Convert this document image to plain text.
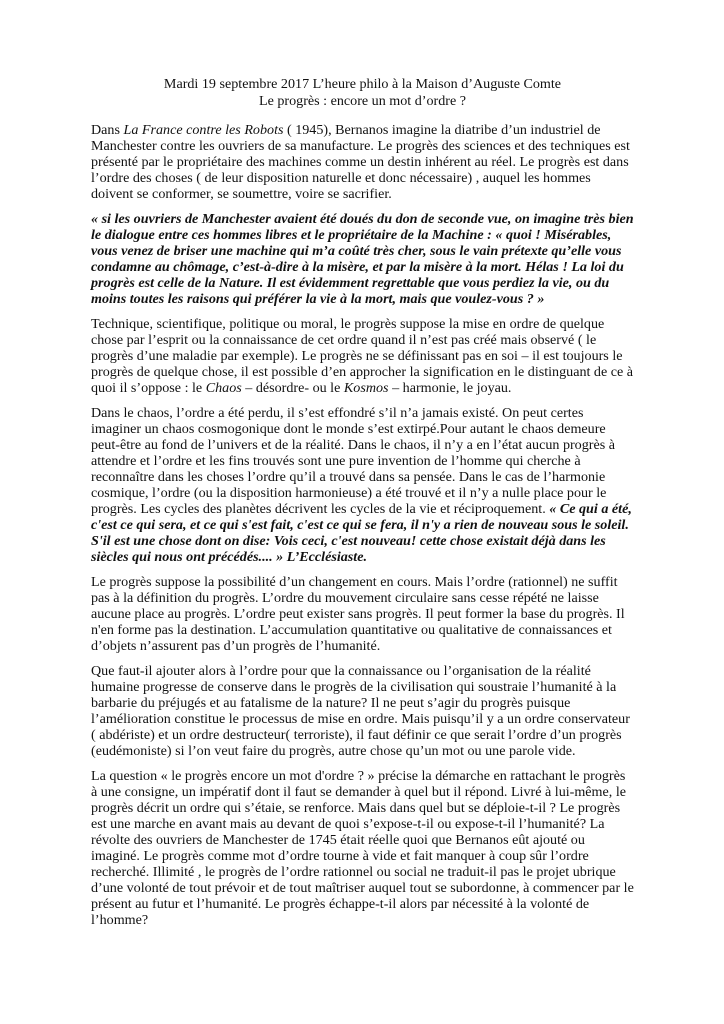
Mardi 19 septembre 2017 L’heure philo à la Maison d’Auguste Comte
Le progrès : encore un mot d’ordre ?

Dans La France contre les Robots ( 1945), Bernanos imagine la diatribe d’un industriel de Manchester contre les ouvriers de sa manufacture. Le progrès des sciences et des techniques est présenté par le propriétaire des machines comme un destin inhérent au réel. Le progrès est dans l’ordre des choses ( de leur disposition naturelle et donc nécessaire) , auquel les hommes doivent se conformer, se soumettre, voire se sacrifier.

« si les ouvriers de Manchester avaient été doués du don de seconde vue, on imagine très bien le dialogue entre ces hommes libres et le propriétaire de la Machine : « quoi ! Misérables, vous venez de briser une machine qui m’a coûté très cher, sous le vain prétexte qu’elle vous condamne au chômage, c’est-à-dire à la misère, et par la misère à la mort. Hélas ! La loi du progrès est celle de la Nature. Il est évidemment regrettable que vous perdiez la vie, ou du moins toutes les raisons qui préférer la vie à la mort, mais que voulez-vous ? »

Technique, scientifique, politique ou moral, le progrès suppose la mise en ordre de quelque chose par l’esprit ou la connaissance de cet ordre quand il n’est pas créé mais observé ( le progrès d’une maladie par exemple). Le progrès ne se définissant pas en soi – il est toujours le progrès de quelque chose, il est possible d’en approcher la signification en le distinguant de ce à quoi il s’oppose : le Chaos – désordre- ou le Kosmos – harmonie, le joyau.

Dans le chaos, l’ordre a été perdu, il s’est effondré s’il n’a jamais existé. On peut certes imaginer un chaos cosmogonique dont le monde s’est extirpé.Pour autant le chaos demeure peut-être au fond de l’univers et de la réalité. Dans le chaos, il n’y a en l’état aucun progrès à attendre et l’ordre et les fins trouvés sont une pure invention de l’homme qui cherche à reconnaître dans les choses l’ordre qu’il a trouvé dans sa pensée. Dans le cas de l’harmonie cosmique, l’ordre (ou la disposition harmonieuse) a été trouvé et il n’y a nulle place pour le progrès. Les cycles des planètes décrivent les cycles de la vie et réciproquement. « Ce qui a été, c'est ce qui sera, et ce qui s'est fait, c'est ce qui se fera, il n'y a rien de nouveau sous le soleil. S'il est une chose dont on dise: Vois ceci, c'est nouveau! cette chose existait déjà dans les siècles qui nous ont précédés.... » L’Ecclésiaste.

Le progrès suppose la possibilité d’un changement en cours. Mais l’ordre (rationnel) ne suffit pas à la définition du progrès. L’ordre du mouvement circulaire sans cesse répété ne laisse aucune place au progrès. L’ordre peut exister sans progrès. Il peut former la base du progrès. Il n'en forme pas la destination. L’accumulation quantitative ou qualitative de connaissances et d’objets n’assurent pas d’un progrès de l’humanité.

Que faut-il ajouter alors à l’ordre pour que la connaissance ou l’organisation de la réalité humaine progresse de conserve dans le progrès de la civilisation qui soustraie l’humanité à la barbarie du préjugés et au fatalisme de la nature? Il ne peut s’agir du progrès puisque l’amélioration constitue le processus de mise en ordre. Mais puisqu’il y a un ordre conservateur ( abdériste) et un ordre destructeur( terroriste), il faut définir ce que serait l’ordre d’un progrès (eudémoniste) si l’on veut faire du progrès, autre chose qu’un mot ou une parole vide.

La question « le progrès encore un mot d'ordre ? » précise la démarche en rattachant le progrès à une consigne, un impératif dont il faut se demander à quel but il répond. Livré à lui-même, le progrès décrit un ordre qui s’étaie, se renforce. Mais dans quel but se déploie-t-il ? Le progrès est une marche en avant mais au devant de quoi s’expose-t-il ou expose-t-il l’humanité? La révolte des ouvriers de Manchester de 1745 était réelle quoi que Bernanos eût ajouté ou imaginé. Le progrès comme mot d’ordre tourne à vide et fait manquer à coup sûr l’ordre recherché. Illimité , le progrès de l’ordre rationnel ou social ne traduit-il pas le projet ubrique d’une volonté de tout prévoir et de tout maîtriser auquel tout se subordonne, à commencer par le présent au futur et l’humanité. Le progrès échappe-t-il alors par nécessité à la volonté de l’homme?
